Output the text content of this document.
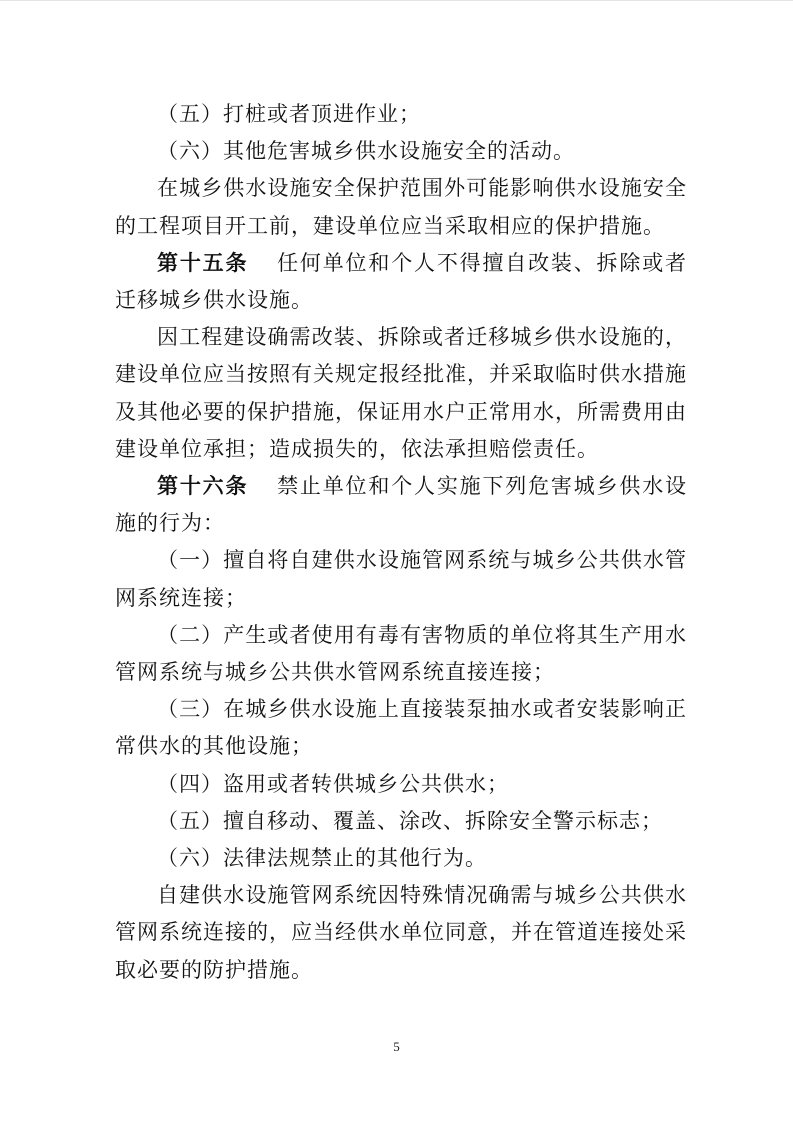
（五）打桩或者顶进作业；

（六）其他危害城乡供水设施安全的活动。

在城乡供水设施安全保护范围外可能影响供水设施安全的工程项目开工前，建设单位应当采取相应的保护措施。

第十五条　任何单位和个人不得擅自改装、拆除或者迁移城乡供水设施。

因工程建设确需改装、拆除或者迁移城乡供水设施的，建设单位应当按照有关规定报经批准，并采取临时供水措施及其他必要的保护措施，保证用水户正常用水，所需费用由建设单位承担；造成损失的，依法承担赔偿责任。

第十六条　禁止单位和个人实施下列危害城乡供水设施的行为：

（一）擅自将自建供水设施管网系统与城乡公共供水管网系统连接；

（二）产生或者使用有毒有害物质的单位将其生产用水管网系统与城乡公共供水管网系统直接连接；

（三）在城乡供水设施上直接装泵抽水或者安装影响正常供水的其他设施；

（四）盗用或者转供城乡公共供水；

（五）擅自移动、覆盖、涂改、拆除安全警示标志；

（六）法律法规禁止的其他行为。

自建供水设施管网系统因特殊情况确需与城乡公共供水管网系统连接的，应当经供水单位同意，并在管道连接处采取必要的防护措施。

5
